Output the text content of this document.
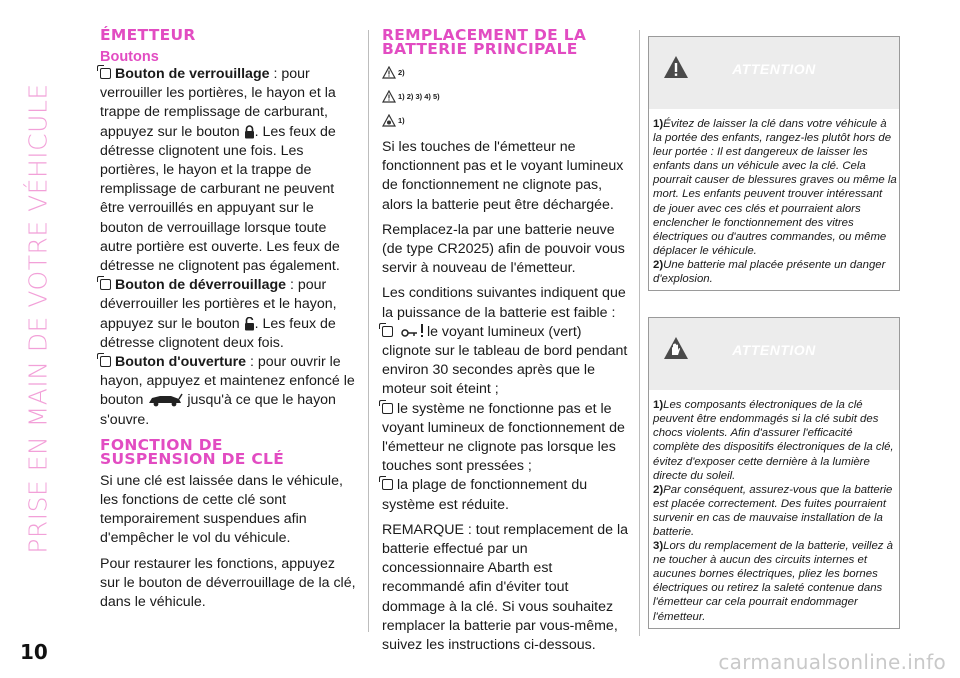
PRISE EN MAIN DE VOTRE VÉHICULE
ÉMETTEUR
Boutons
Bouton de verrouillage : pour verrouiller les portières, le hayon et la trappe de remplissage de carburant, appuyez sur le bouton . Les feux de détresse clignotent une fois. Les portières, le hayon et la trappe de remplissage de carburant ne peuvent être verrouillés en appuyant sur le bouton de verrouillage lorsque toute autre portière est ouverte. Les feux de détresse ne clignotent pas également.
Bouton de déverrouillage : pour déverrouiller les portières et le hayon, appuyez sur le bouton . Les feux de détresse clignotent deux fois.
Bouton d'ouverture : pour ouvrir le hayon, appuyez et maintenez enfoncé le bouton	jusqu'à ce que le hayon s'ouvre.
FONCTION DE
SUSPENSION DE CLÉ
Si une clé est laissée dans le véhicule, les fonctions de cette clé sont temporairement suspendues afin d'empêcher le vol du véhicule.
Pour restaurer les fonctions, appuyez sur le bouton de déverrouillage de la clé, dans le véhicule.
REMPLACEMENT DE LA
BATTERIE PRINCIPALE
2)
1) 2) 3) 4) 5)
1)
Si les touches de l'émetteur ne fonctionnent pas et le voyant lumineux de fonctionnement ne clignote pas, alors la batterie peut être déchargée.
Remplacez-la par une batterie neuve (de type CR2025) afin de pouvoir vous servir à nouveau de l'émetteur.
Les conditions suivantes indiquent que la puissance de la batterie est faible :
le voyant lumineux (vert) clignote sur le tableau de bord pendant environ 30 secondes après que le moteur soit éteint ;
le système ne fonctionne pas et le voyant lumineux de fonctionnement de l'émetteur ne clignote pas lorsque les touches sont pressées ;
la plage de fonctionnement du système est réduite.
REMARQUE : tout remplacement de la batterie effectué par un concessionnaire Abarth est recommandé afin d'éviter tout dommage à la clé. Si vous souhaitez remplacer la batterie par vous-même, suivez les instructions ci-dessous.
ATTENTION
1)Évitez de laisser la clé dans votre véhicule à la portée des enfants, rangez-les plutôt hors de leur portée : Il est dangereux de laisser les enfants dans un véhicule avec la clé. Cela pourrait causer de blessures graves ou même la mort. Les enfants peuvent trouver intéressant de jouer avec ces clés et pourraient alors enclencher le fonctionnement des vitres électriques ou d'autres commandes, ou même déplacer le véhicule.
2)Une batterie mal placée présente un danger d'explosion.
ATTENTION
1)Les composants électroniques de la clé peuvent être endommagés si la clé subit des chocs violents. Afin d'assurer l'efficacité complète des dispositifs électroniques de la clé, évitez d'exposer cette dernière à la lumière directe du soleil.
2)Par conséquent, assurez-vous que la batterie est placée correctement. Des fuites pourraient survenir en cas de mauvaise installation de la batterie.
3)Lors du remplacement de la batterie, veillez à ne toucher à aucun des circuits internes et aucunes bornes électriques, pliez les bornes électriques ou retirez la saleté contenue dans l'émetteur car cela pourrait endommager l'émetteur.
10	carmanualsonline.info
